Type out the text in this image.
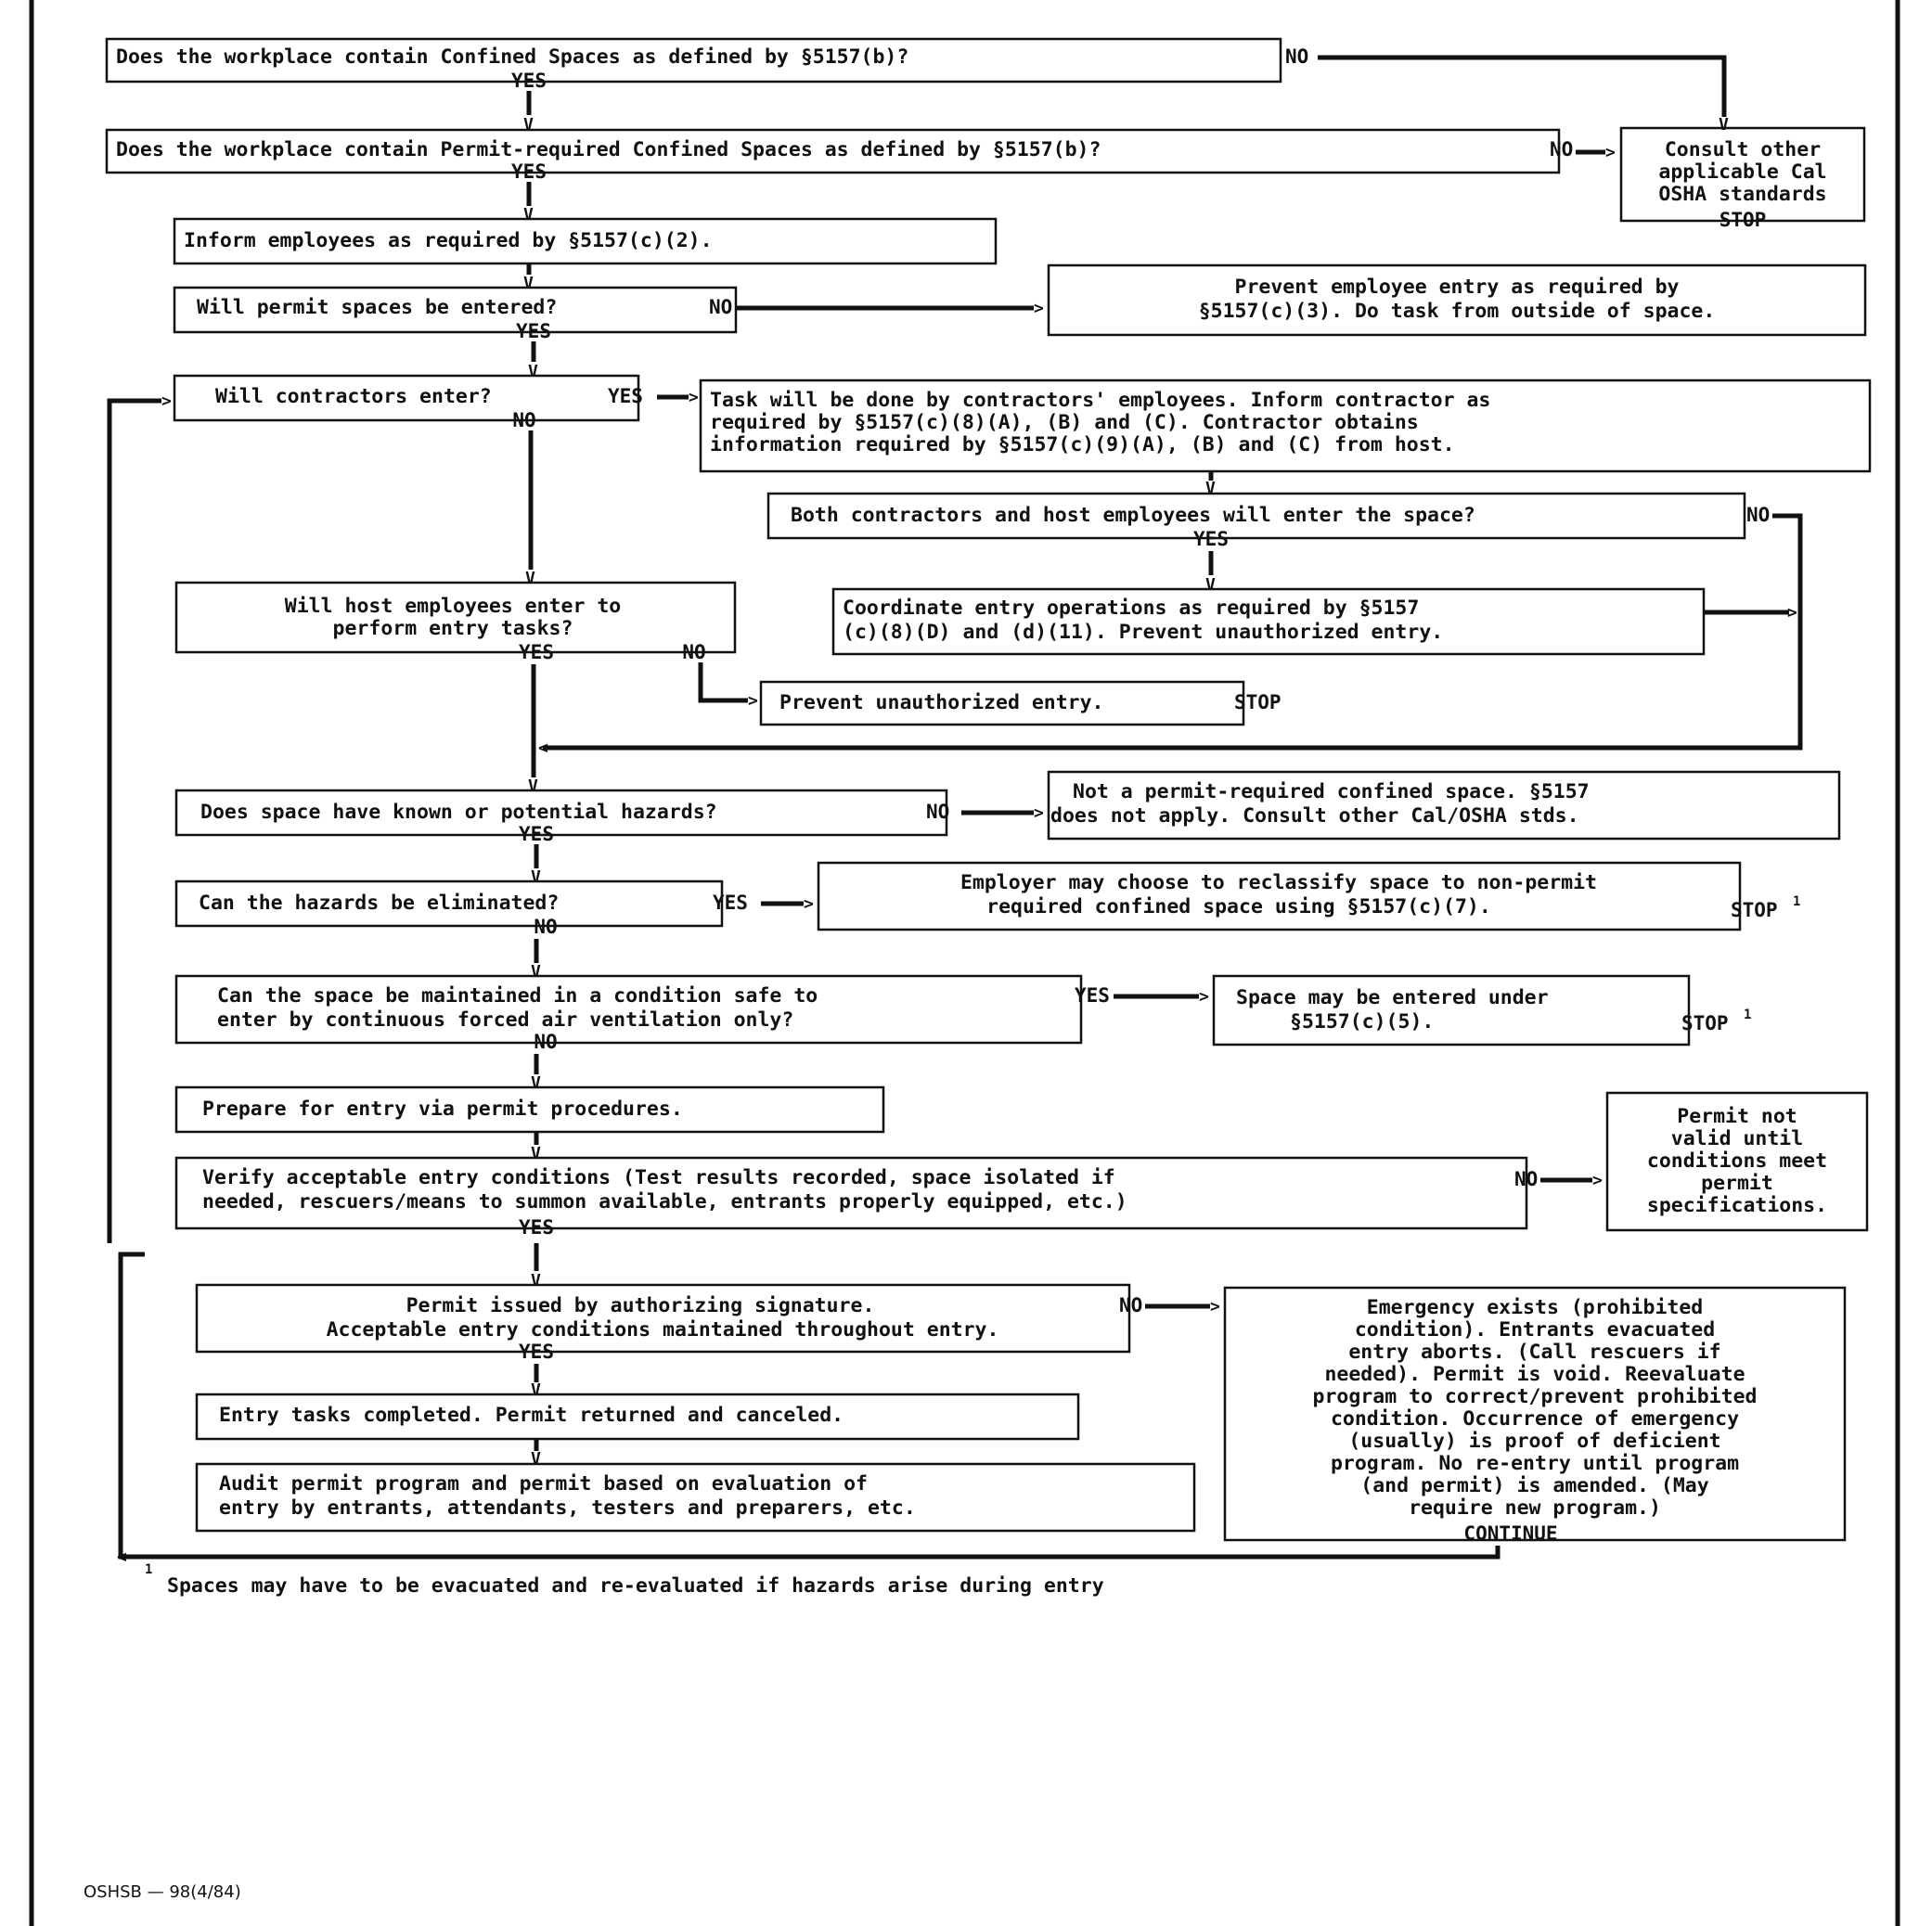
Does the workplace contain Confined Spaces as defined by §5157(b)?
YES
NO
Does the workplace contain Permit-required Confined Spaces as defined by §5157(b)?
YES
NO	Consult other
applicable Cal
OSHA standards
STOP
Inform employees as required by §5157(c)(2).
Will permit spaces be entered?	NO
YES
Prevent employee entry as required by
§5157(c)(3). Do task from outside of space.
Will contractors enter?	YES
NO
Task will be done by contractors' employees. Inform contractor as
required by §5157(c)(8)(A), (B) and (C). Contractor obtains
information required by §5157(c)(9)(A), (B) and (C) from host.
Both contractors and host employees will enter the space?	NO
YES
Coordinate entry operations as required by §5157
(c)(8)(D) and (d)(11). Prevent unauthorized entry.
Will host employees enter to
perform entry tasks?
YES	NO
Prevent unauthorized entry.	STOP
Does space have known or potential hazards?	NO
YES
Not a permit-required confined space. §5157
does not apply. Consult other Cal/OSHA stds.
Can the hazards be eliminated?	YES
NO
Employer may choose to reclassify space to non-permit
required confined space using §5157(c)(7).	STOP 1
Can the space be maintained in a condition safe to
enter by continuous forced air ventilation only?
YES
NO
Space may be entered under
§5157(c)(5).	STOP 1
Prepare for entry via permit procedures.
Verify acceptable entry conditions (Test results recorded, space isolated if
needed, rescuers/means to summon available, entrants properly equipped, etc.)
NO
YES
Permit not
valid until
conditions meet
permit
specifications.
Permit issued by authorizing signature.
Acceptable entry conditions maintained throughout entry.
NO
YES
Emergency exists (prohibited
condition). Entrants evacuated
entry aborts. (Call rescuers if
needed). Permit is void. Reevaluate
program to correct/prevent prohibited
condition. Occurrence of emergency
(usually) is proof of deficient
program. No re-entry until program
(and permit) is amended. (May
require new program.)
CONTINUE
Entry tasks completed. Permit returned and canceled.
Audit permit program and permit based on evaluation of
entry by entrants, attendants, testers and preparers, etc.
V
V
>
V
V
>
V
>
V
V
<
>
V
>
V
>
V
>
V
>
V
V
>
V
>
V
V
<
>
1
Spaces may have to be evacuated and re-evaluated if hazards arise during entry
OSHSB — 98(4/84)
